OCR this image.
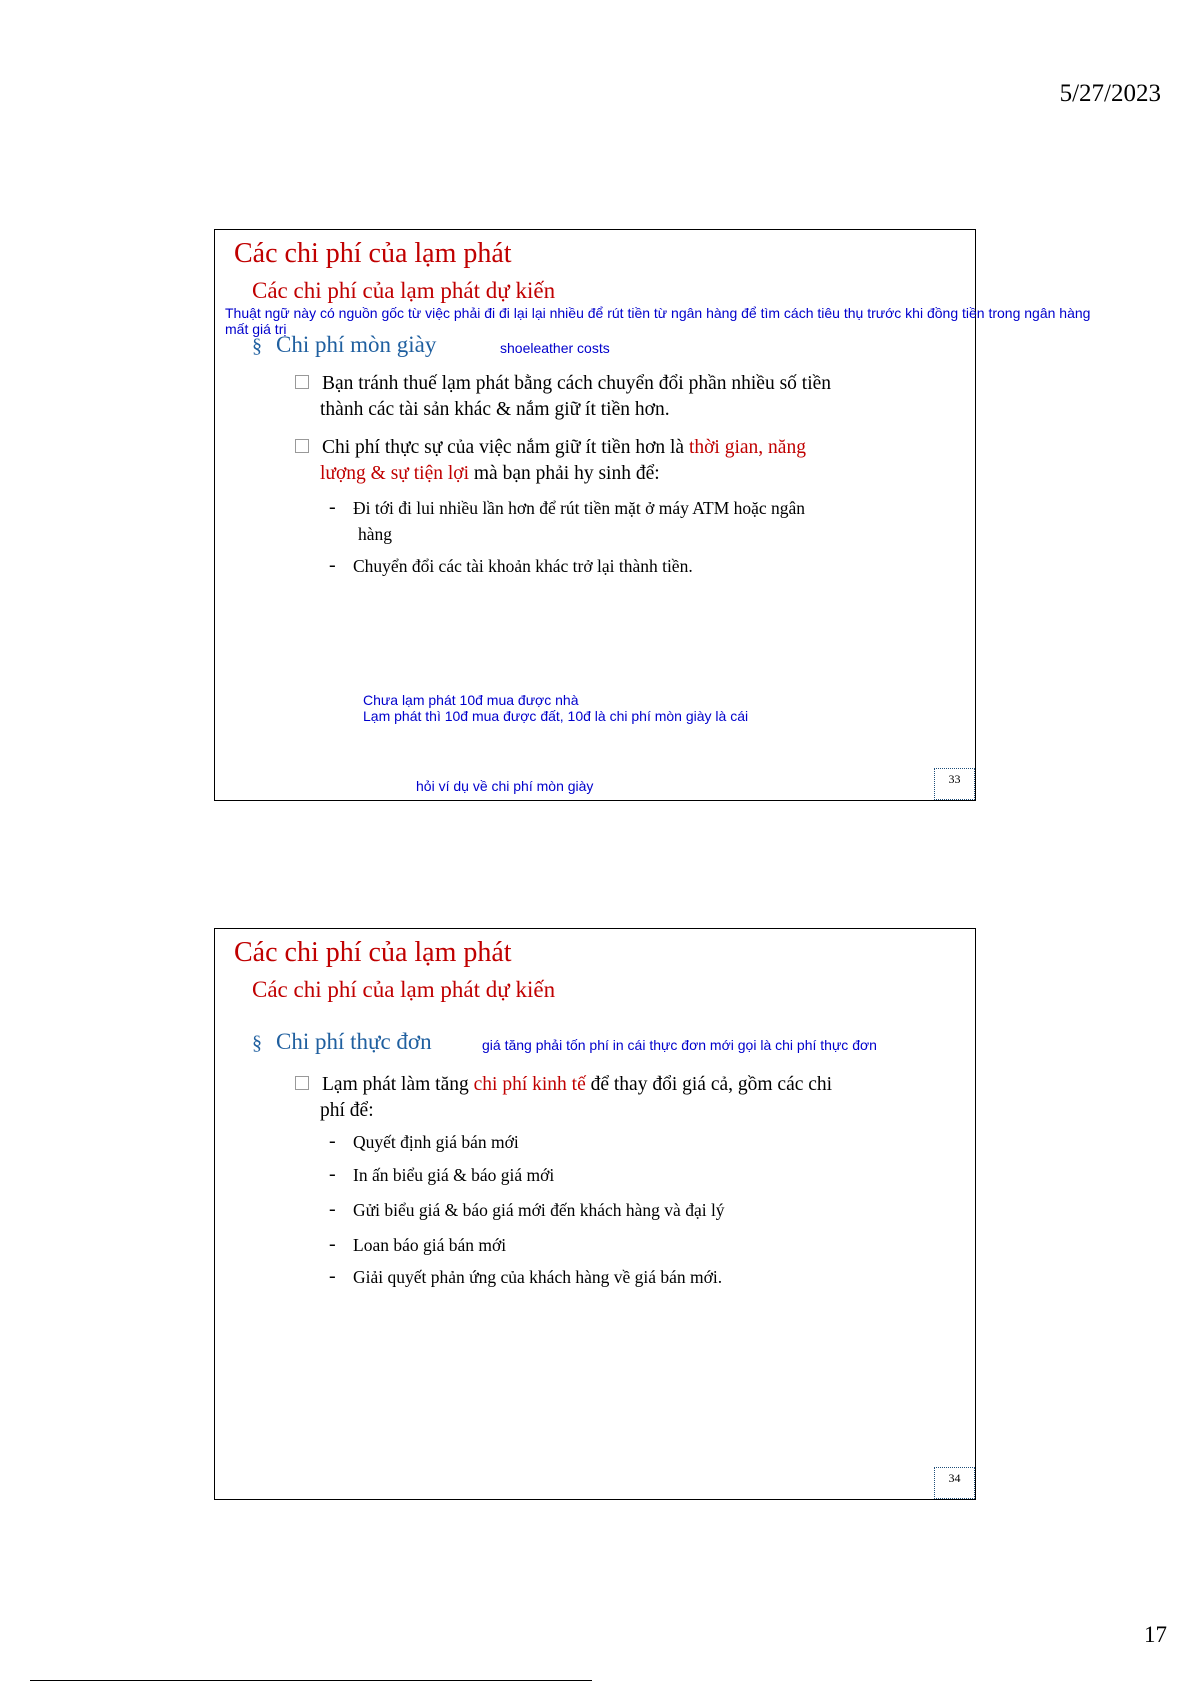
5/27/2023
Các chi phí của lạm phát
Các chi phí của lạm phát dự kiến
Thuật ngữ này có nguồn gốc từ việc phải đi đi lại lại nhiều để rút tiền từ ngân hàng để tìm cách tiêu thụ trước khi đồng tiền trong ngân hàng
mất giá trị
§ Chi phí mòn giày	shoeleather costs
Bạn tránh thuế lạm phát bằng cách chuyển đổi phần nhiều số tiền
thành các tài sản khác & nắm giữ ít tiền hơn.
Chi phí thực sự của việc nắm giữ ít tiền hơn là thời gian, năng
lượng & sự tiện lợi mà bạn phải hy sinh để:
- Đi tới đi lui nhiều lần hơn để rút tiền mặt ở máy ATM hoặc ngân
hàng
- Chuyển đổi các tài khoản khác trở lại thành tiền.
Chưa lạm phát 10đ mua được nhà
Lạm phát thì 10đ mua được đất, 10đ là chi phí mòn giày là cái
hỏi ví dụ về chi phí mòn giày	33
Các chi phí của lạm phát
Các chi phí của lạm phát dự kiến
§ Chi phí thực đơn	giá tăng phải tốn phí in cái thực đơn mới gọi là chi phí thực đơn
Lạm phát làm tăng chi phí kinh tế để thay đổi giá cả, gồm các chi
phí để:
- Quyết định giá bán mới
- In ấn biểu giá & báo giá mới
- Gửi biểu giá & báo giá mới đến khách hàng và đại lý
- Loan báo giá bán mới
- Giải quyết phản ứng của khách hàng về giá bán mới.
34
17
